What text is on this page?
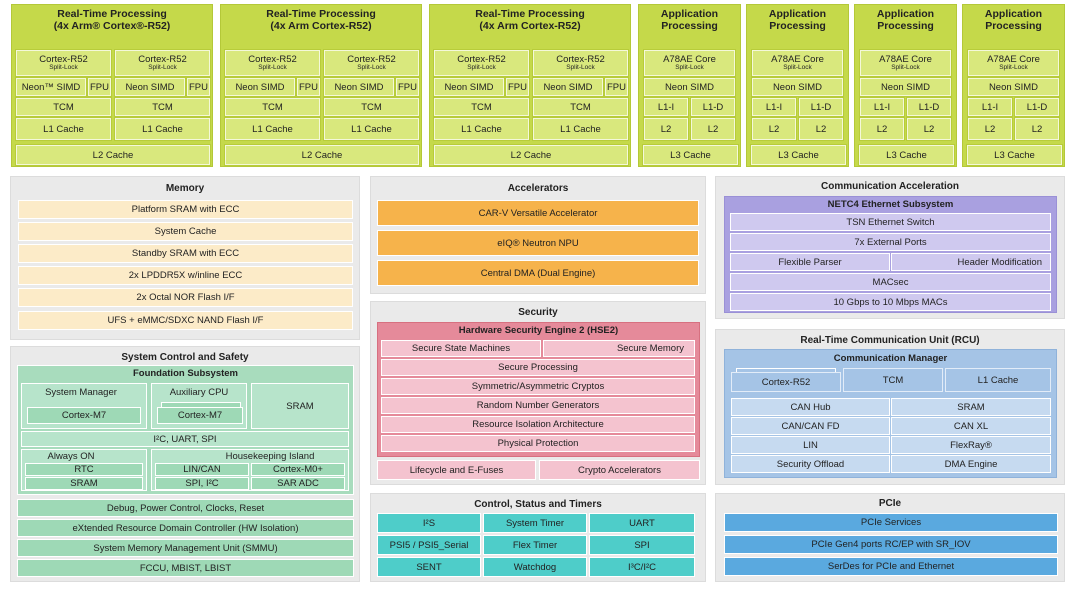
Real-Time Processing
(4x Arm® Cortex®-R52)
Cortex-R52
Split-Lock
Neon™ SIMD	FPU
TCM
L1 Cache
Cortex-R52
Split-Lock
Neon SIMD	FPU
TCM
L1 Cache
L2 Cache
Real-Time Processing
(4x Arm Cortex-R52)
Cortex-R52
Split-Lock
Neon SIMD	FPU
TCM
L1 Cache
Cortex-R52
Split-Lock
Neon SIMD	FPU
TCM
L1 Cache
L2 Cache
Real-Time Processing
(4x Arm Cortex-R52)
Cortex-R52
Split-Lock
Neon SIMD	FPU
TCM
L1 Cache
Cortex-R52
Split-Lock
Neon SIMD	FPU
TCM
L1 Cache
L2 Cache
Application
Processing
A78AE Core
Split-Lock
Neon SIMD
L1-I	L1-D
L2	L2
L3 Cache
Application
Processing
A78AE Core
Split-Lock
Neon SIMD
L1-I	L1-D
L2	L2
L3 Cache
Application
Processing
A78AE Core
Split-Lock
Neon SIMD
L1-I	L1-D
L2	L2
L3 Cache
Application
Processing
A78AE Core
Split-Lock
Neon SIMD
L1-I	L1-D
L2	L2
L3 Cache
Memory
Platform SRAM with ECC
System Cache
Standby SRAM with ECC
2x LPDDR5X w/inline ECC
2x Octal NOR Flash I/F
UFS + eMMC/SDXC NAND Flash I/F
Accelerators
CAR-V Versatile Accelerator
eIQ® Neutron NPU
Central DMA (Dual Engine)
Communication Acceleration
NETC4 Ethernet Subsystem
TSN Ethernet Switch
7x External Ports
Flexible Parser	Header Modification
MACsec
10 Gbps to 10 Mbps MACs
Security
Hardware Security Engine 2 (HSE2)
Secure State Machines	Secure Memory
Secure Processing
Symmetric/Asymmetric Cryptos
Random Number Generators
Resource Isolation Architecture
Physical Protection
Lifecycle and E-Fuses	Crypto Accelerators
Real-Time Communication Unit (RCU)
Communication Manager
Cortex-R52	TCM	L1 Cache
CAN Hub	SRAM
CAN/CAN FD	CAN XL
LIN	FlexRay®
Security Offload	DMA Engine
System Control and Safety
Foundation Subsystem
System Manager
Cortex-M7
Auxiliary CPU
Cortex-M7
SRAM
I²C, UART, SPI
Always ON
RTC
SRAM
Housekeeping Island
LIN/CAN	Cortex-M0+
SPI, I²C	SAR ADC
Debug, Power Control, Clocks, Reset
eXtended Resource Domain Controller (HW Isolation)
System Memory Management Unit (SMMU)
FCCU, MBIST, LBIST
Control, Status and Timers
I²S	System Timer	UART
PSI5 / PSI5_Serial	Flex Timer	SPI
SENT	Watchdog	I³C/I²C
PCIe
PCIe Services
PCIe Gen4 ports RC/EP with SR_IOV
SerDes for PCIe and Ethernet
